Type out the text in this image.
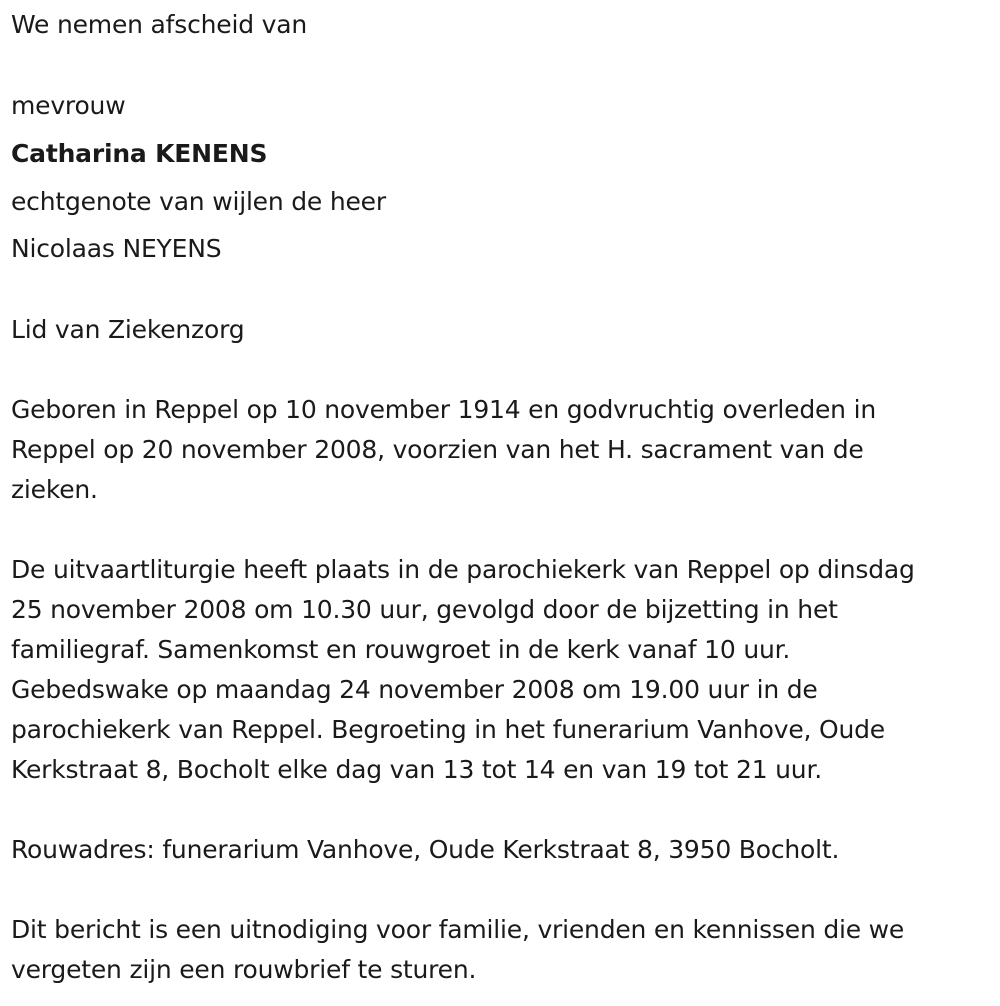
We nemen afscheid van
mevrouw
Catharina KENENS
echtgenote van wijlen de heer
Nicolaas NEYENS
Lid van Ziekenzorg
Geboren in Reppel op 10 november 1914 en godvruchtig overleden in
Reppel op 20 november 2008, voorzien van het H. sacrament van de
zieken.
De uitvaartliturgie heeft plaats in de parochiekerk van Reppel op dinsdag
25 november 2008 om 10.30 uur, gevolgd door de bijzetting in het
familiegraf. Samenkomst en rouwgroet in de kerk vanaf 10 uur.
Gebedswake op maandag 24 november 2008 om 19.00 uur in de
parochiekerk van Reppel. Begroeting in het funerarium Vanhove, Oude
Kerkstraat 8, Bocholt elke dag van 13 tot 14 en van 19 tot 21 uur.
Rouwadres: funerarium Vanhove, Oude Kerkstraat 8, 3950 Bocholt.
Dit bericht is een uitnodiging voor familie, vrienden en kennissen die we
vergeten zijn een rouwbrief te sturen.
